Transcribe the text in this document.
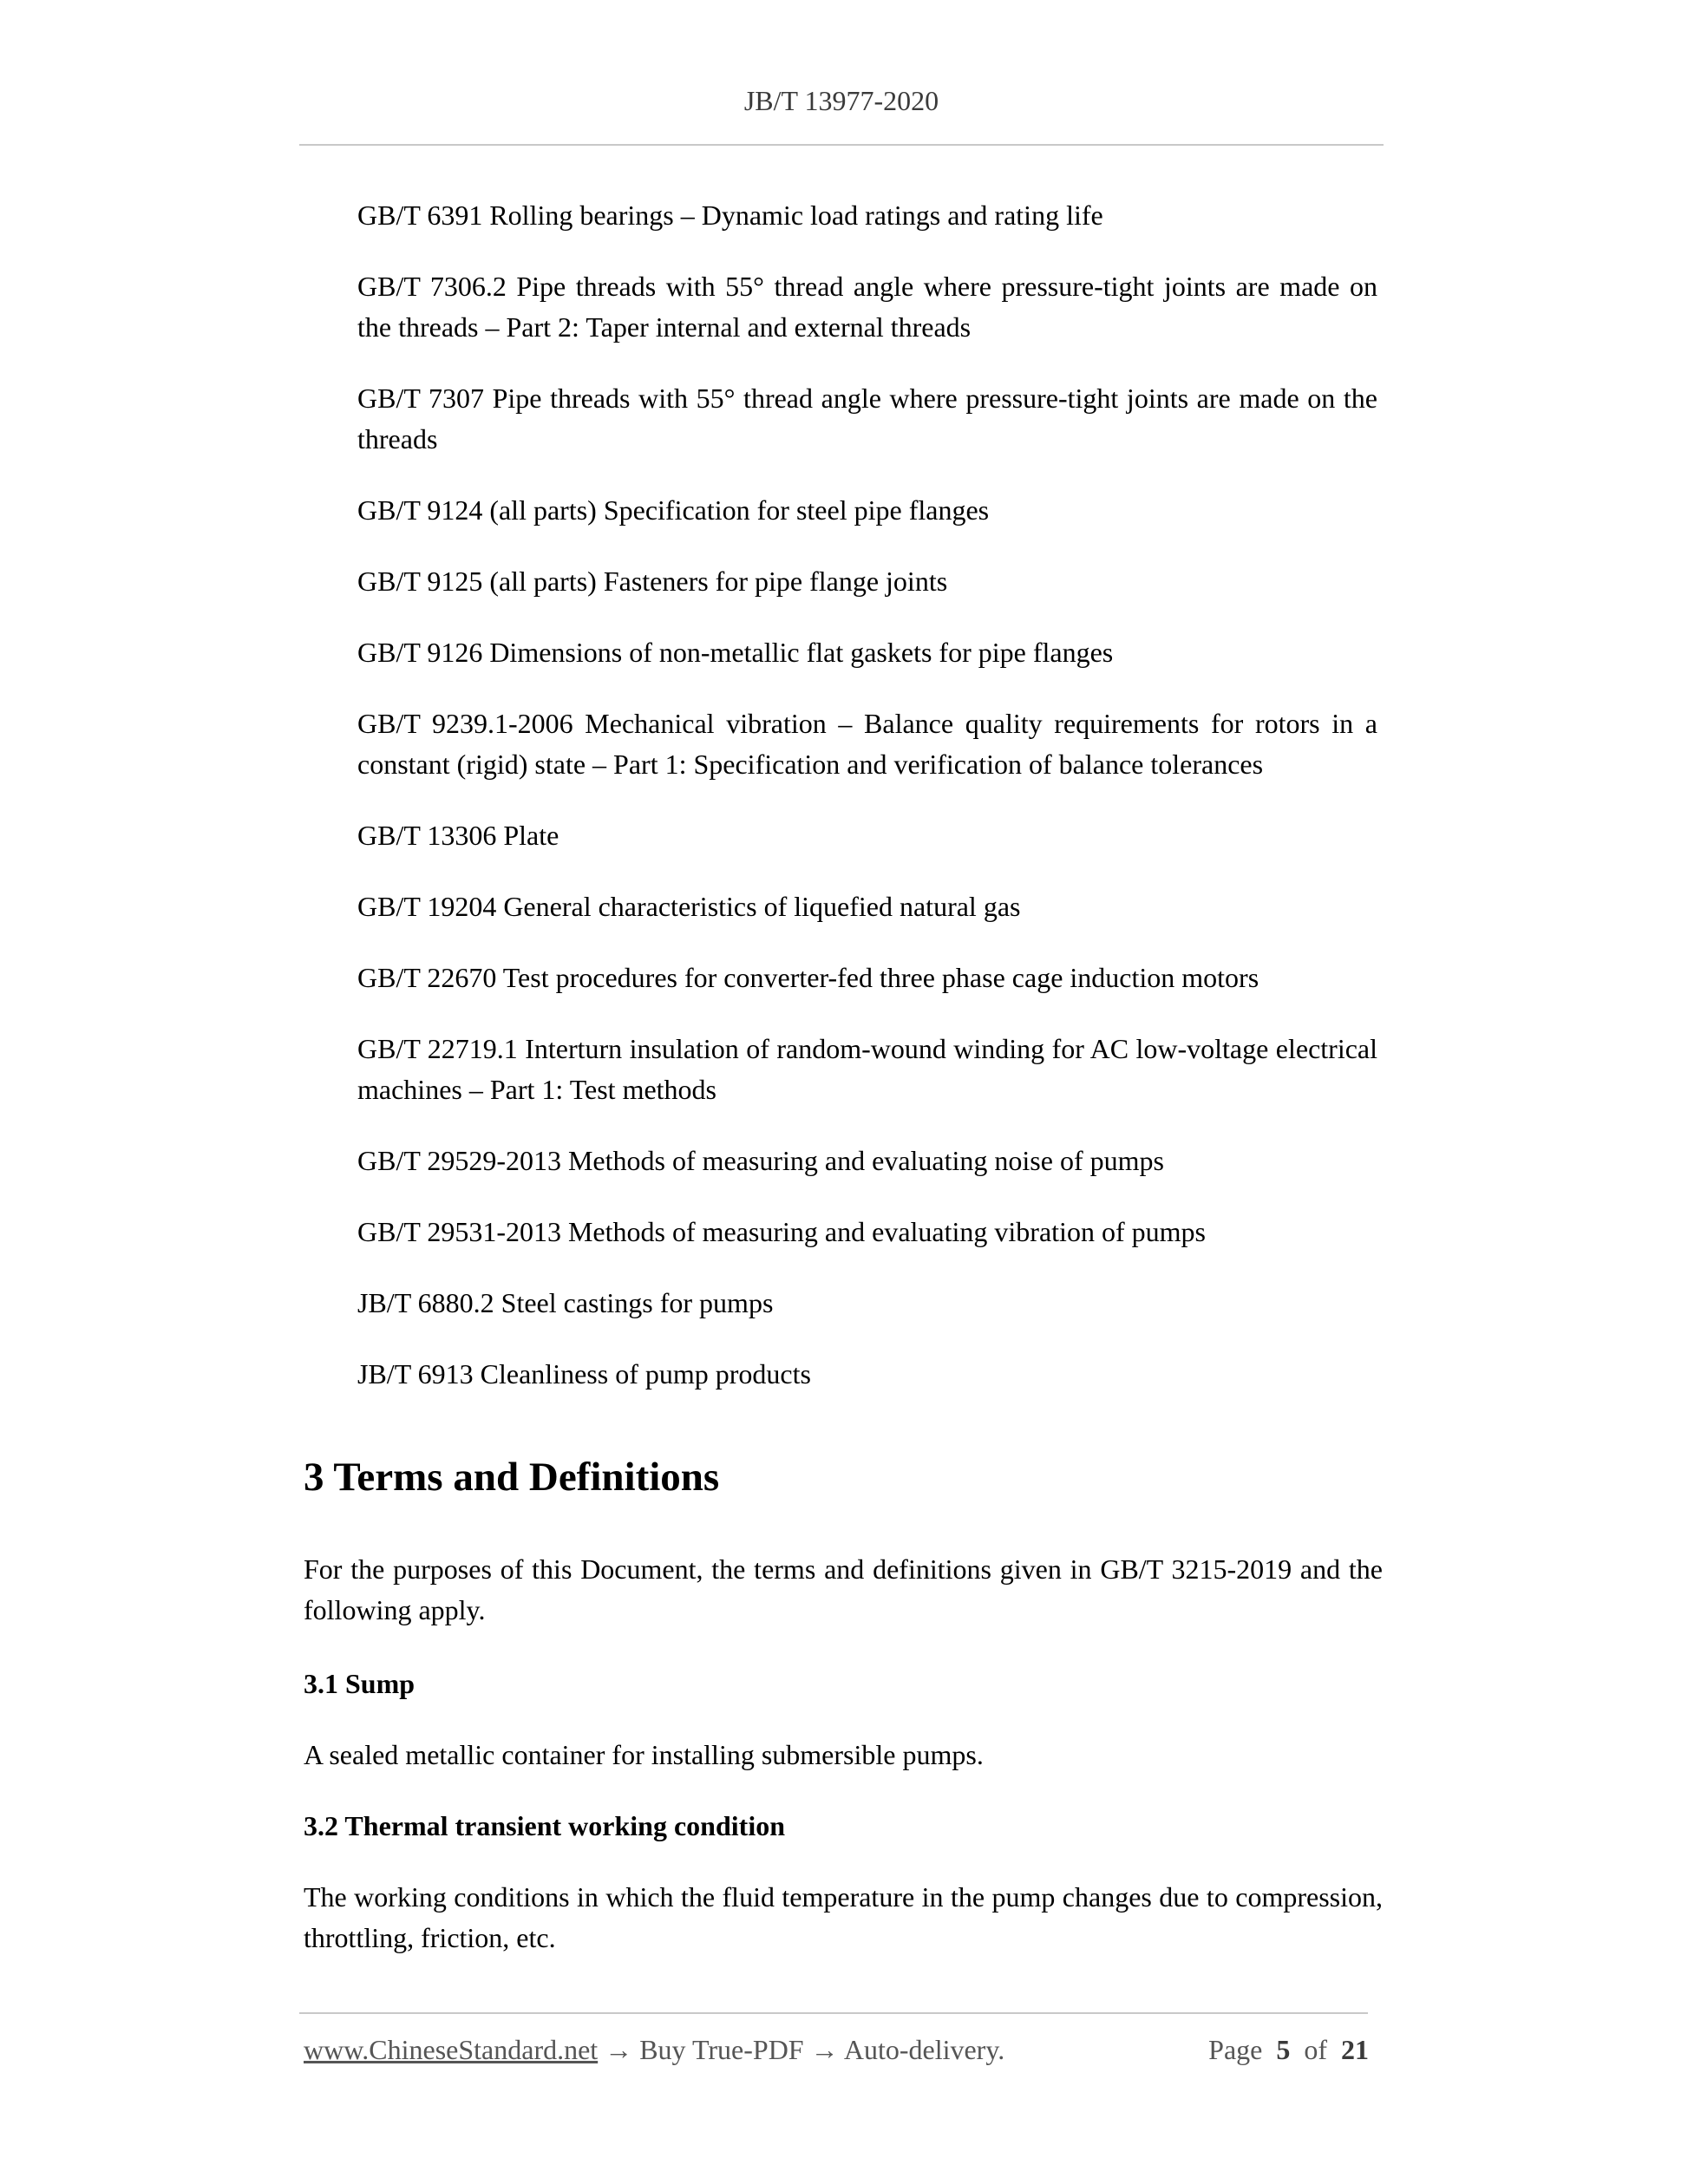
JB/T 13977-2020

GB/T 6391 Rolling bearings – Dynamic load ratings and rating life

GB/T 7306.2 Pipe threads with 55° thread angle where pressure-tight joints are made on the threads – Part 2: Taper internal and external threads

GB/T 7307 Pipe threads with 55° thread angle where pressure-tight joints are made on the threads

GB/T 9124 (all parts) Specification for steel pipe flanges

GB/T 9125 (all parts) Fasteners for pipe flange joints

GB/T 9126 Dimensions of non-metallic flat gaskets for pipe flanges

GB/T 9239.1-2006 Mechanical vibration – Balance quality requirements for rotors in a constant (rigid) state – Part 1: Specification and verification of balance tolerances

GB/T 13306 Plate

GB/T 19204 General characteristics of liquefied natural gas

GB/T 22670 Test procedures for converter-fed three phase cage induction motors

GB/T 22719.1 Interturn insulation of random-wound winding for AC low-voltage electrical machines – Part 1: Test methods

GB/T 29529-2013 Methods of measuring and evaluating noise of pumps

GB/T 29531-2013 Methods of measuring and evaluating vibration of pumps

JB/T 6880.2 Steel castings for pumps

JB/T 6913 Cleanliness of pump products

3 Terms and Definitions

For the purposes of this Document, the terms and definitions given in GB/T 3215-2019 and the following apply.

3.1 Sump

A sealed metallic container for installing submersible pumps.

3.2 Thermal transient working condition

The working conditions in which the fluid temperature in the pump changes due to compression, throttling, friction, etc.

www.ChineseStandard.net → Buy True-PDF → Auto-delivery.	Page 5 of 21
